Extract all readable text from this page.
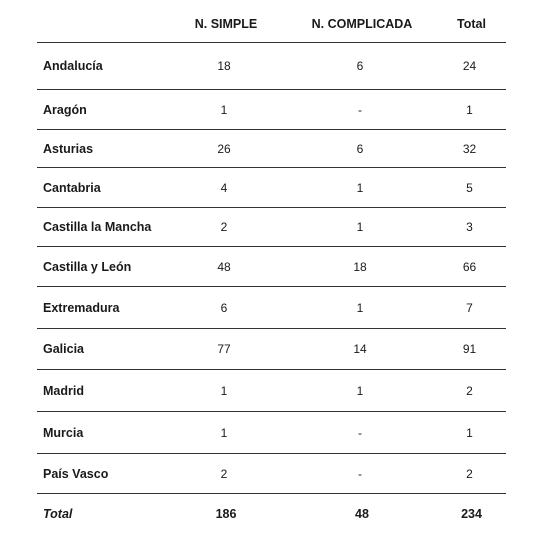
	N. SIMPLE	N. COMPLICADA	Total
Andalucía	18	6	24
Aragón	1	-	1
Asturias	26	6	32
Cantabria	4	1	5
Castilla la Mancha	2	1	3
Castilla y León	48	18	66
Extremadura	6	1	7
Galicia	77	14	91
Madrid	1	1	2
Murcia	1	-	1
País Vasco	2	-	2
Total	186	48	234
